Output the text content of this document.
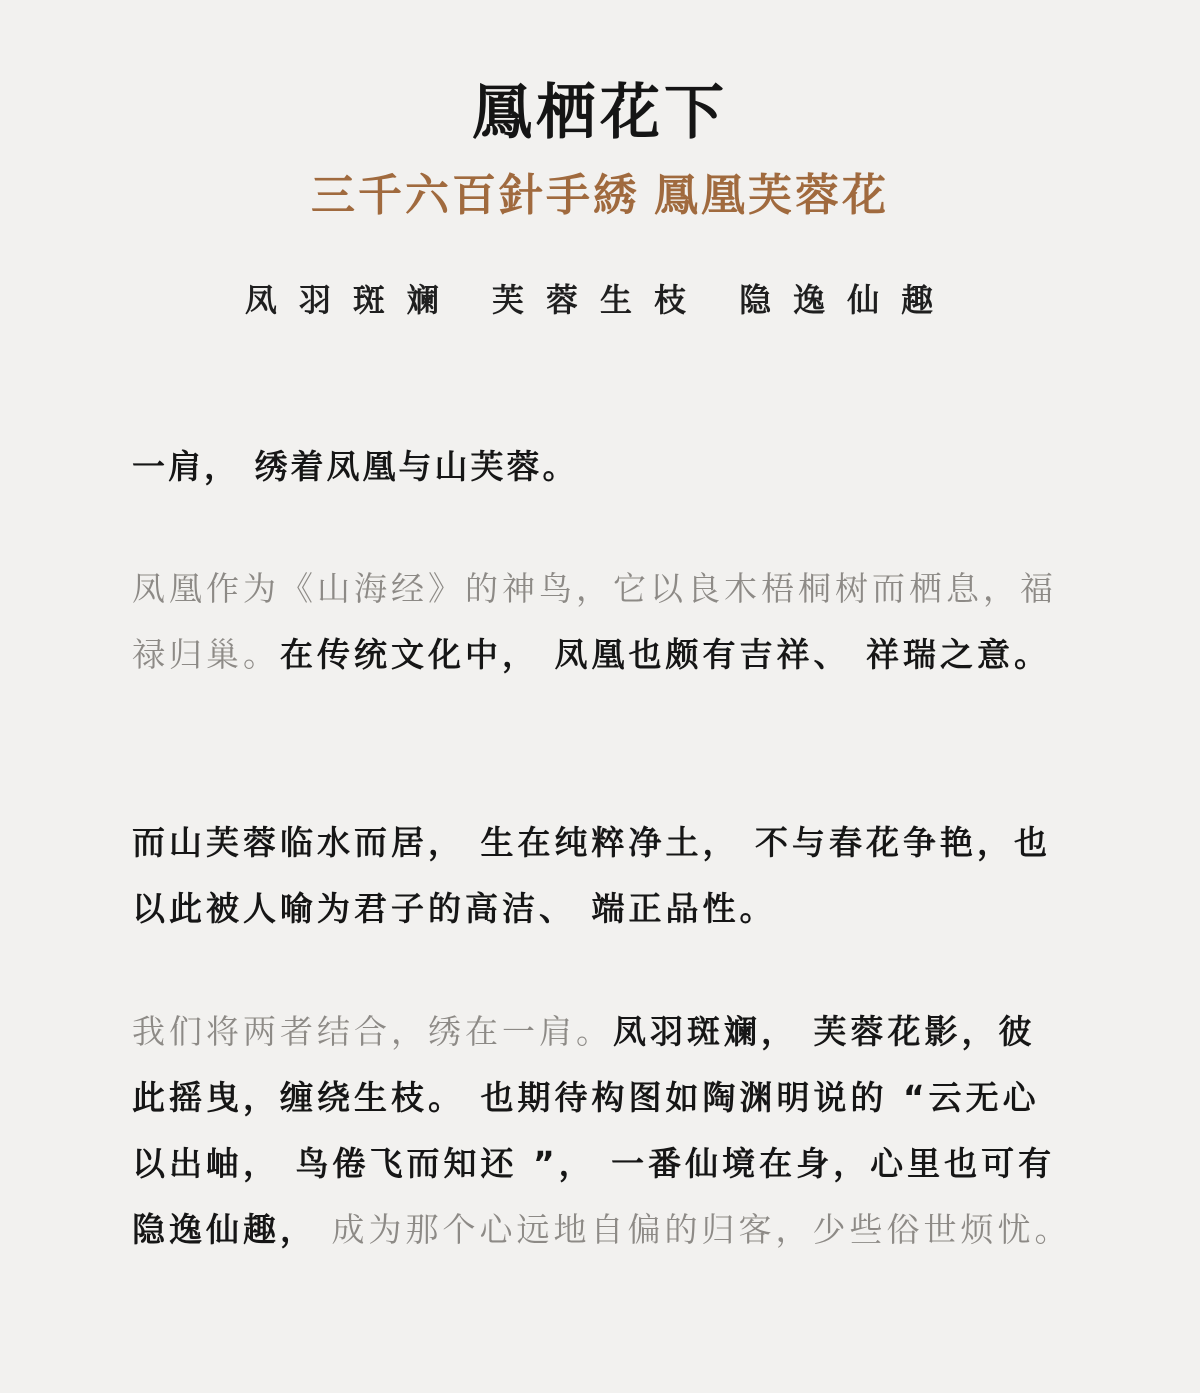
鳳栖花下
三千六百針手綉 鳳凰芙蓉花
凤羽斑斓 芙蓉生枝 隐逸仙趣

一肩， 绣着凤凰与山芙蓉。

凤凰作为《山海经》的神鸟，它以良木梧桐树而栖息，福禄归巢。在传统文化中， 凤凰也颇有吉祥、 祥瑞之意。

而山芙蓉临水而居， 生在纯粹净土， 不与春花争艳，也以此被人喻为君子的高洁、 端正品性。

我们将两者结合，绣在一肩。凤羽斑斓， 芙蓉花影，彼此摇曳，缠绕生枝。 也期待构图如陶渊明说的 “云无心以出岫， 鸟倦飞而知还 ”， 一番仙境在身，心里也可有隐逸仙趣， 成为那个心远地自偏的归客，少些俗世烦忧。
